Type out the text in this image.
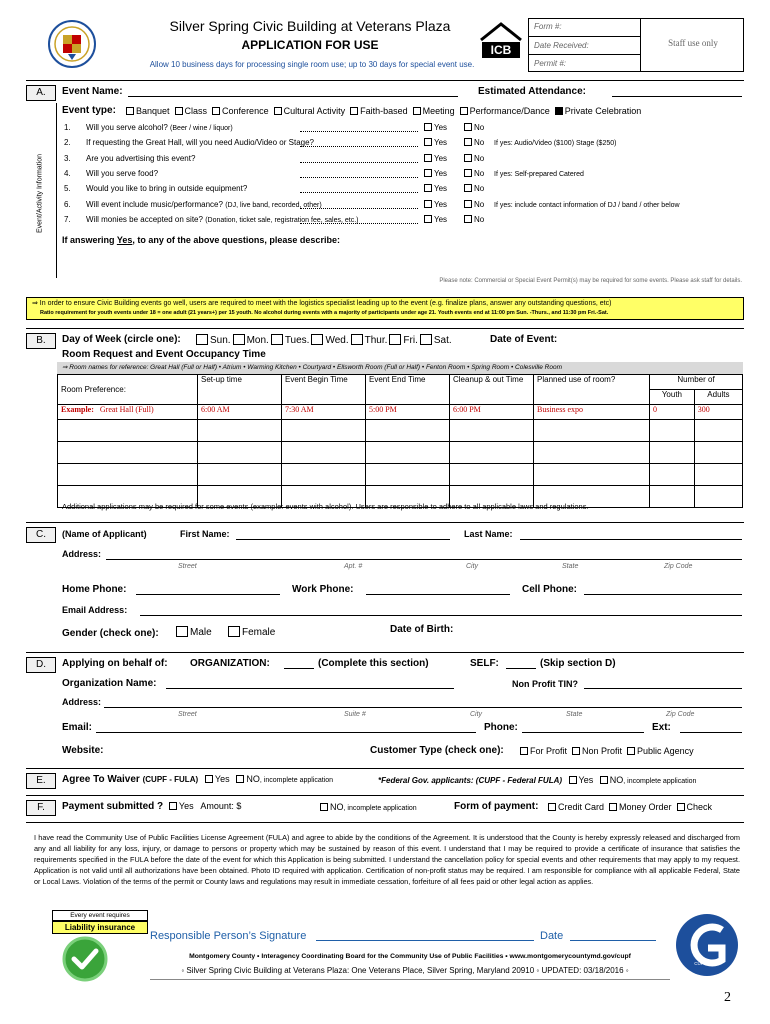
Silver Spring Civic Building at Veterans Plaza
APPLICATION FOR USE
Allow 10 business days for processing single room use; up to 30 days for special event use.
ICB
Form #:
Date Received:
Permit #:
Staff use only
A.
Event/Activity Information
Event Name:	Estimated Attendance:
Event type:	Banquet Class Conference Cultural Activity Faith-based Meeting Performance/Dance Private Celebration
1. Will you serve alcohol? (Beer / wine / liquor)	Yes	No
2. If requesting the Great Hall, will you need Audio/Video or Stage?	Yes	No If yes: Audio/Video ($100) Stage ($250)
3. Are you advertising this event?	Yes	No
4. Will you serve food?	Yes	No If yes: Self-prepared Catered
5. Would you like to bring in outside equipment?	Yes	No
6. Will event include music/performance? (DJ, live band, recorded, other)	Yes	No If yes: include contact information of DJ / band / other below
7. Will monies be accepted on site? (Donation, ticket sale, registration fee, sales, etc.)	Yes	No
If answering Yes, to any of the above questions, please describe:
Please note: Commercial or Special Event Permit(s) may be required for some events. Please ask staff for details.
⇒ In order to ensure Civic Building events go well, users are required to meet with the logistics specialist leading up to the event (e.g. finalize plans, answer any outstanding questions, etc)
Ratio requirement for youth events under 18 = one adult (21 years+) per 15 youth. No alcohol during events with a majority of participants under age 21. Youth events end at 11:00 pm Sun. -Thurs., and 11:30 pm Fri.-Sat.
B.	Day of Week (circle one):	Sun. Mon. Tues. Wed. Thur. Fri. Sat.	Date of Event:
Room Request and Event Occupancy Time
⇒ Room names for reference: Great Hall (Full or Half) • Atrium • Warming Kitchen • Courtyard • Ellsworth Room (Full or Half) • Fenton Room • Spring Room • Colesville Room
Room Preference:	Set-up time	Event Begin Time	Event End Time	Cleanup & out Time	Planned use of room?	Number of	
						Youth	Adults
Example: Great Hall (Full)	6:00 AM	7:30 AM	5:00 PM	6:00 PM	Business expo	0	300

Additional applications may be required for some events (example: events with alcohol). Users are responsible to adhere to all applicable laws and regulations.
C.	(Name of Applicant)	First Name:	Last Name:
Address:
Street	Apt. #	City	State	Zip Code
Home Phone:	Work Phone:	Cell Phone:
Email Address:
Gender (check one):	Male	Female	Date of Birth:
D.	Applying on behalf of: ORGANIZATION:	(Complete this section)	SELF:	(Skip section D)
Organization Name:	Non Profit TIN?
Address:
Street	Suite #	City	State	Zip Code
Email:	Phone:	Ext:
Website:	Customer Type (check one):	For Profit Non Profit Public Agency
E.	Agree To Waiver (CUPF - FULA) Yes NO, incomplete application	*Federal Gov. applicants: (CUPF - Federal FULA) Yes NO, incomplete application
F.	Payment submitted ? Yes Amount: $	NO, incomplete application	Form of payment:	Credit Card Money Order Check
I have read the Community Use of Public Facilities License Agreement (FULA) and agree to abide by the conditions of the Agreement. It is understood that the County is hereby expressly released and discharged from any and all liability for any loss, injury, or damage to persons or property which may be sustained by reason of this event. I understand that I may be required to provide a certificate of insurance that satisfies the requirements specified in the FULA before the date of the event for which this Application is being submitted. I understand the cancellation policy for special events and other requirements that may apply to my request. Application is not valid until all authorizations have been obtained. Photo ID required with application. Certification of non-profit status may be required. I am responsible for compliance with all applicable Federal, State or Local Laws. Violation of the terms of the permit or County laws and regulations may result in immediate cessation, forfeiture of all fees paid or other legal action as applies.
Every event requires
Liability insurance
Responsible Person’s Signature	Date
Montgomery County • Interagency Coordinating Board for the Community Use of Public Facilities • www.montgomerycountymd.gov/cupf
◦ Silver Spring Civic Building at Veterans Plaza: One Veterans Place, Silver Spring, Maryland 20910 ◦ UPDATED: 03/18/2016 ◦
CUPF Go To
2
